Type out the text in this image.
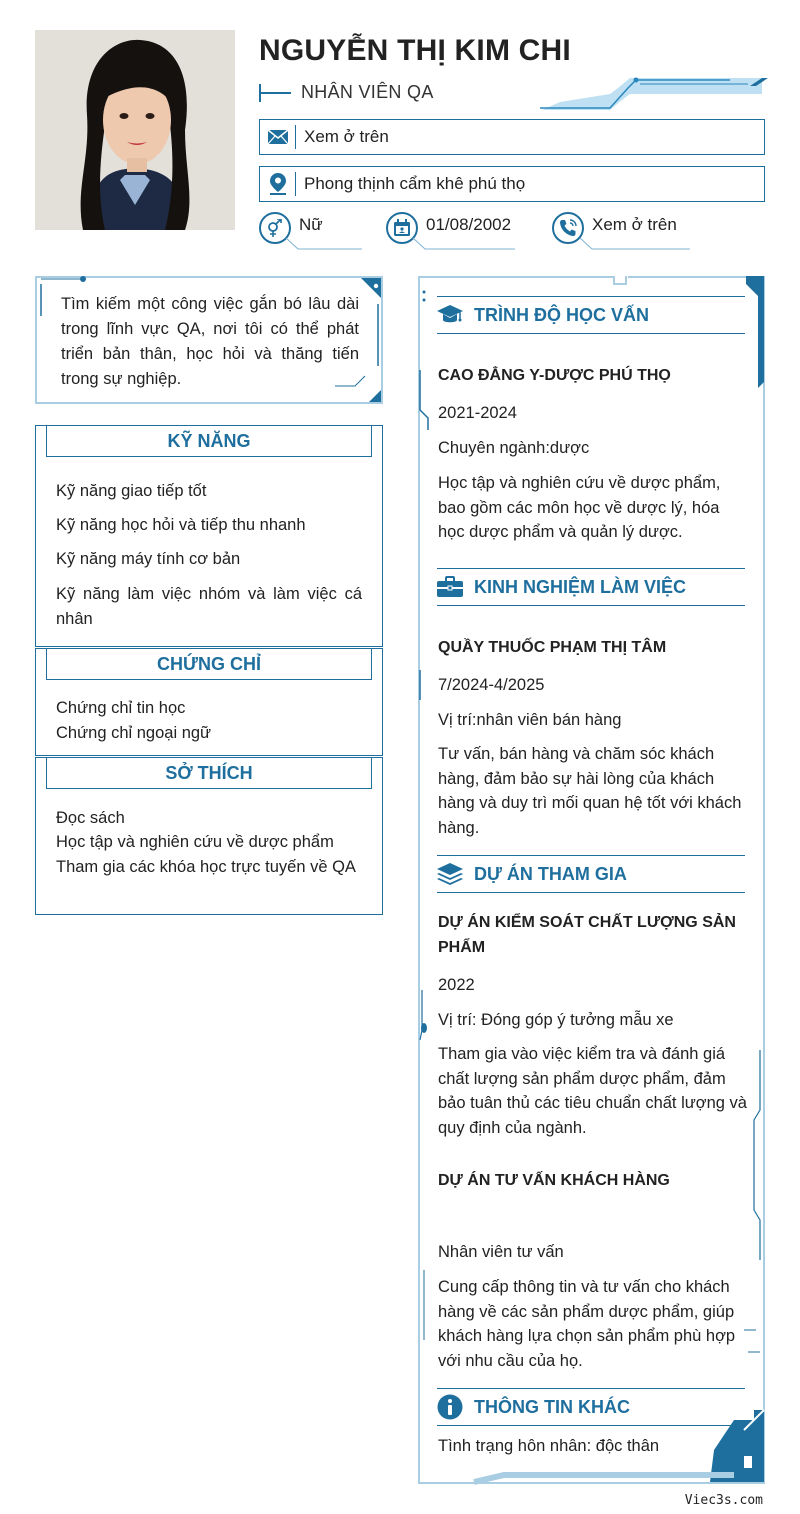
NGUYỄN THỊ KIM CHI
NHÂN VIÊN QA
Xem ở trên
Phong thịnh cẩm khê phú thọ
Nữ	01/08/2002	Xem ở trên

Tìm kiếm một công việc gắn bó lâu dài trong lĩnh vực QA, nơi tôi có thể phát triển bản thân, học hỏi và thăng tiến trong sự nghiệp.

KỸ NĂNG
Kỹ năng giao tiếp tốt
Kỹ năng học hỏi và tiếp thu nhanh
Kỹ năng máy tính cơ bản
Kỹ năng làm việc nhóm và làm việc cá nhân
CHỨNG CHỈ
Chứng chỉ tin học
Chứng chỉ ngoại ngữ
SỞ THÍCH
Đọc sách
Học tập và nghiên cứu về dược phẩm
Tham gia các khóa học trực tuyến về QA
TRÌNH ĐỘ HỌC VẤN
CAO ĐẲNG Y-DƯỢC PHÚ THỌ
2021-2024
Chuyên ngành:dược
Học tập và nghiên cứu về dược phẩm, bao gồm các môn học về dược lý, hóa học dược phẩm và quản lý dược.
KINH NGHIỆM LÀM VIỆC
QUẦY THUỐC PHẠM THỊ TÂM
7/2024-4/2025
Vị trí:nhân viên bán hàng
Tư vấn, bán hàng và chăm sóc khách hàng, đảm bảo sự hài lòng của khách hàng và duy trì mối quan hệ tốt với khách hàng.
DỰ ÁN THAM GIA
DỰ ÁN KIỂM SOÁT CHẤT LƯỢNG SẢN PHẨM
2022
Vị trí: Đóng góp ý tưởng mẫu xe
Tham gia vào việc kiểm tra và đánh giá chất lượng sản phẩm dược phẩm, đảm bảo tuân thủ các tiêu chuẩn chất lượng và quy định của ngành.
DỰ ÁN TƯ VẤN KHÁCH HÀNG
Nhân viên tư vấn
Cung cấp thông tin và tư vấn cho khách hàng về các sản phẩm dược phẩm, giúp khách hàng lựa chọn sản phẩm phù hợp với nhu cầu của họ.
THÔNG TIN KHÁC
Tình trạng hôn nhân: độc thân
Viec3s.com
